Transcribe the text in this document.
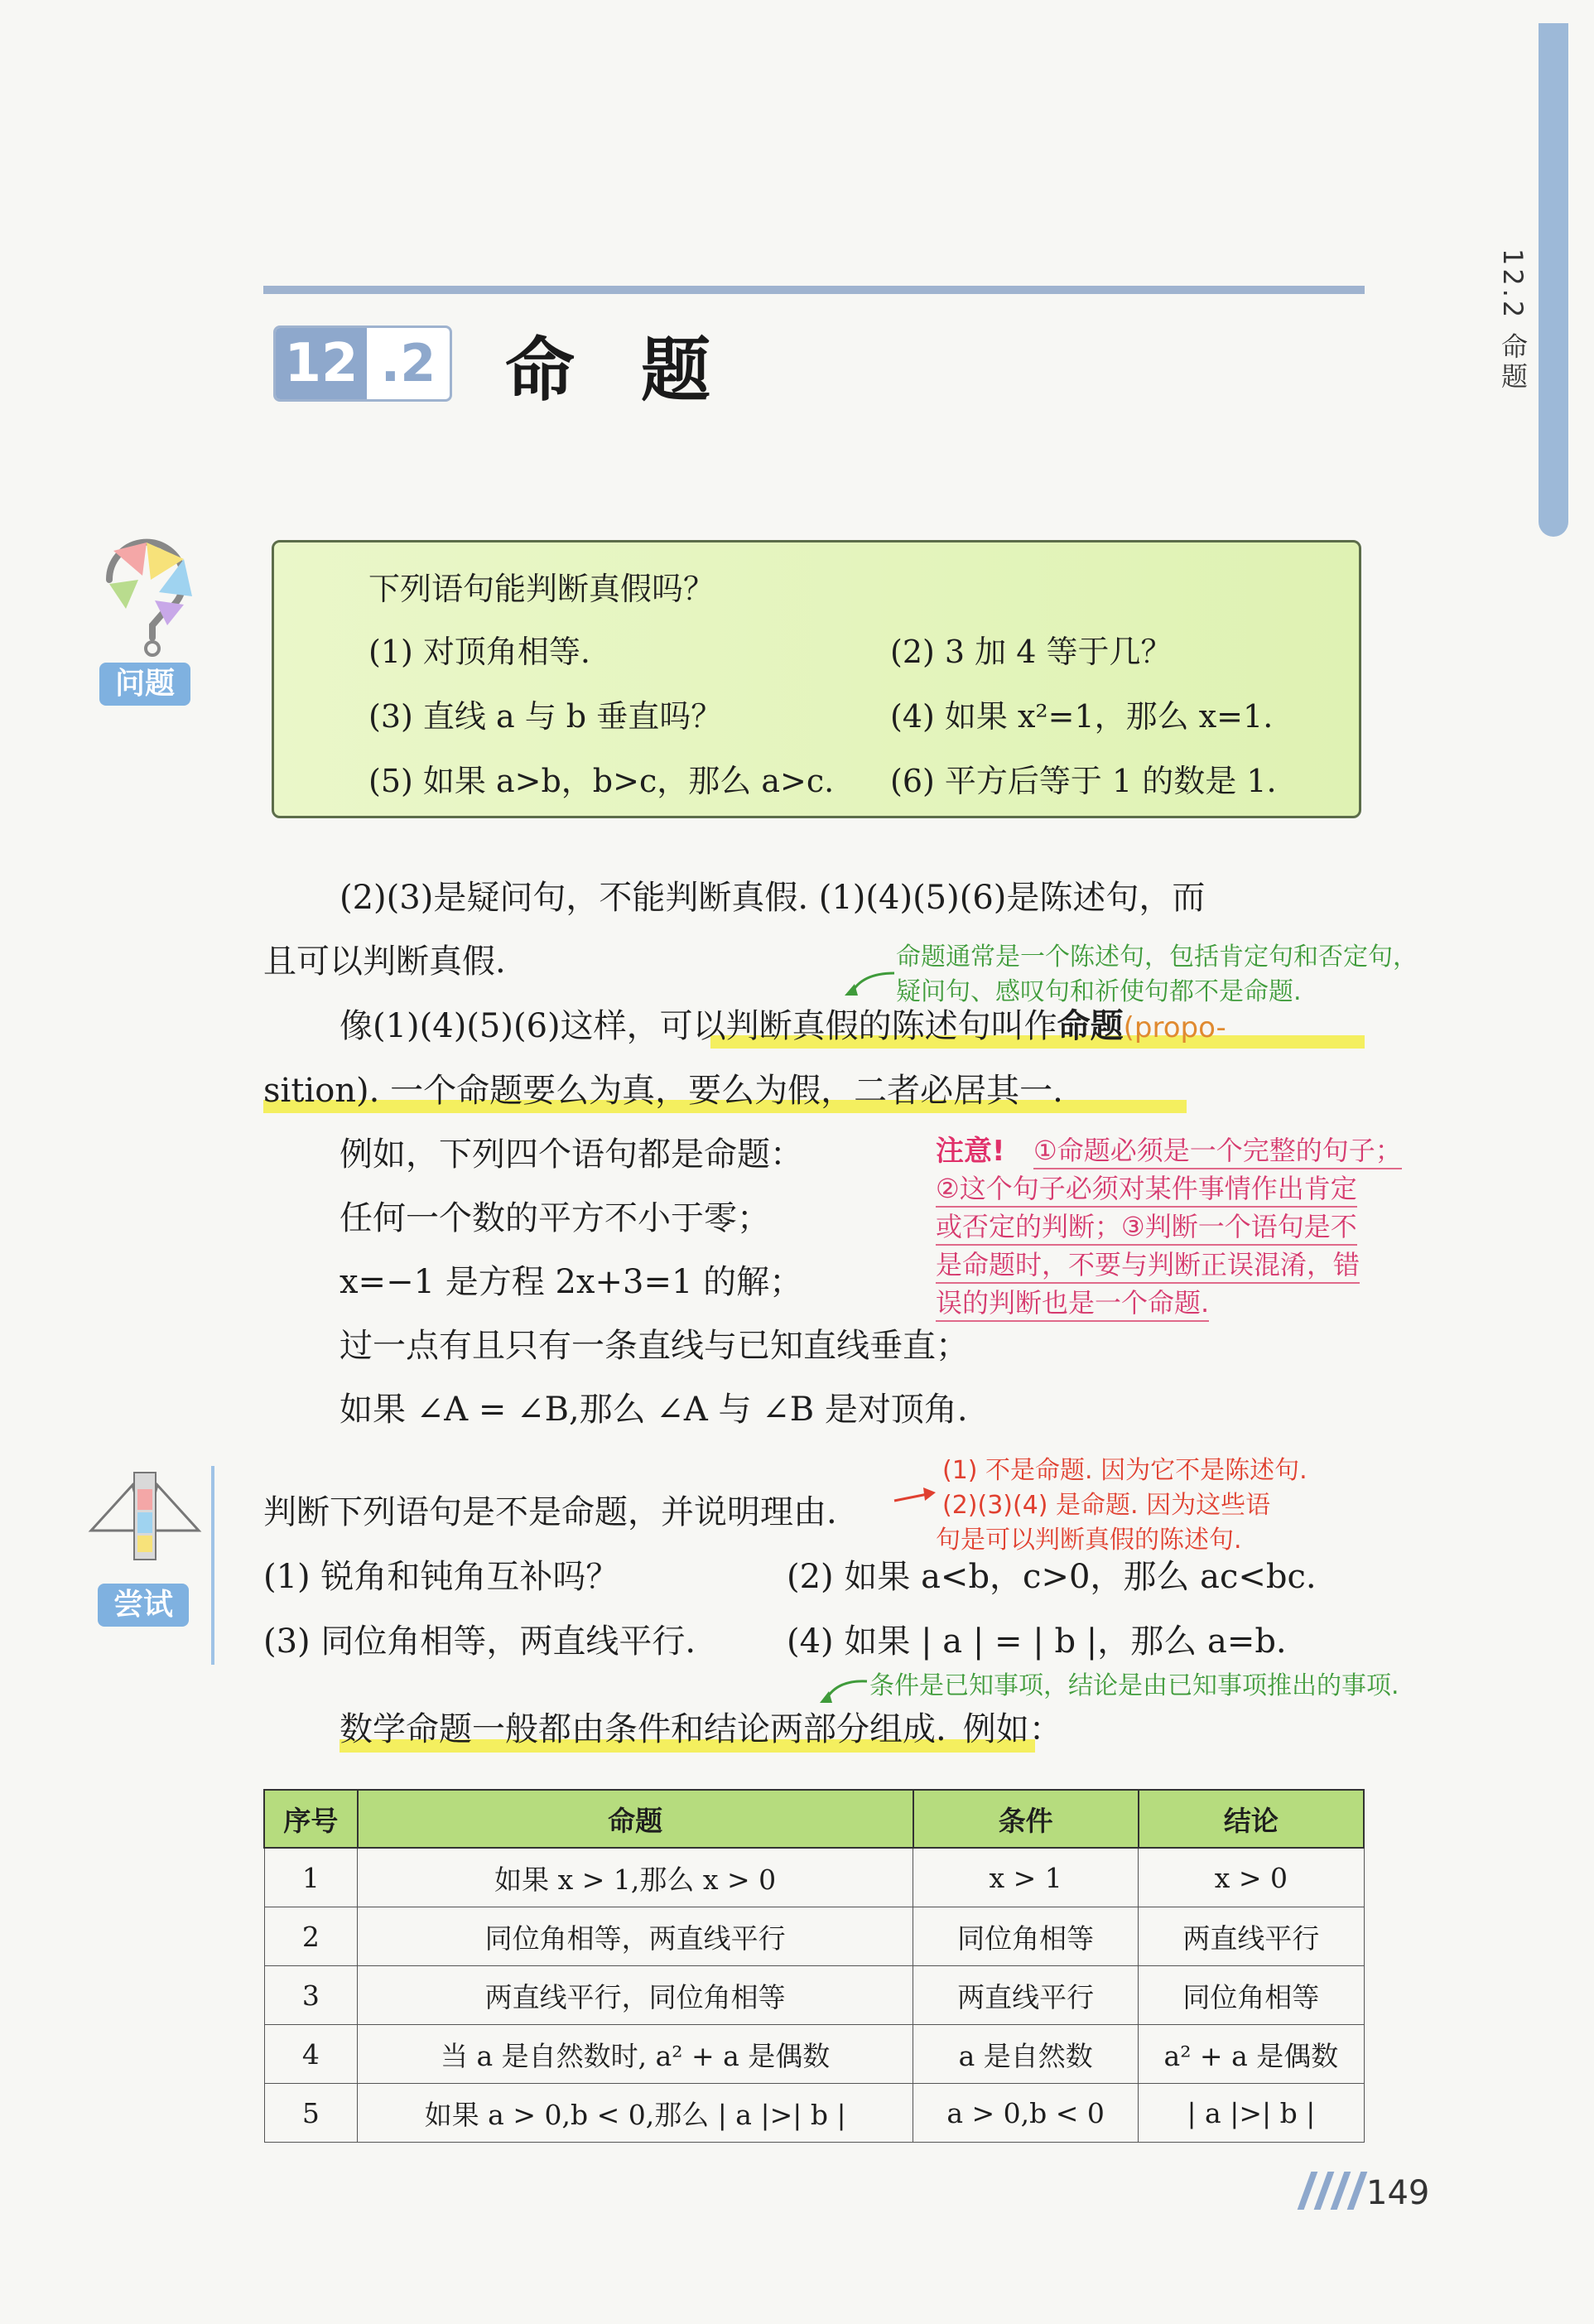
12.2 命题
12 .2 命题
问题
下列语句能判断真假吗？
(1) 对顶角相等.	(2) 3 加 4 等于几？
(3) 直线 a 与 b 垂直吗？	(4) 如果 x²=1，那么 x=1.
(5) 如果 a>b，b>c，那么 a>c. (6) 平方后等于 1 的数是 1.
(2)(3)是疑问句，不能判断真假. (1)(4)(5)(6)是陈述句，而
且可以判断真假.	命题通常是一个陈述句，包括肯定句和否定句，
疑问句、感叹句和祈使句都不是命题.
像(1)(4)(5)(6)这样，可以判断真假的陈述句叫作命题(propo-
sition). 一个命题要么为真，要么为假，二者必居其一.
例如，下列四个语句都是命题：
任何一个数的平方不小于零；
x=−1 是方程 2x+3=1 的解；
过一点有且只有一条直线与已知直线垂直；
如果 ∠A = ∠B,那么 ∠A 与 ∠B 是对顶角.
注意! ①命题必须是一个完整的句子；
②这个句子必须对某件事情作出肯定
或否定的判断；③判断一个语句是不
是命题时，不要与判断正误混淆，错
误的判断也是一个命题.
尝试
判断下列语句是不是命题，并说明理由.
(1) 锐角和钝角互补吗？	(2) 如果 a<b，c>0，那么 ac<bc.
(3) 同位角相等，两直线平行.	(4) 如果 | a | = | b |，那么 a=b.
(1) 不是命题. 因为它不是陈述句.
(2)(3)(4) 是命题. 因为这些语
句是可以判断真假的陈述句.
条件是已知事项，结论是由已知事项推出的事项.
数学命题一般都由条件和结论两部分组成. 例如：
序号	命题	条件	结论
1	如果 x > 1,那么 x > 0	x > 1	x > 0
2	同位角相等，两直线平行	同位角相等	两直线平行
3	两直线平行，同位角相等	两直线平行	同位角相等
4	当 a 是自然数时, a² + a 是偶数	a 是自然数	a² + a 是偶数
5	如果 a > 0,b < 0,那么 | a |>| b |	a > 0,b < 0	| a |>| b |
149
